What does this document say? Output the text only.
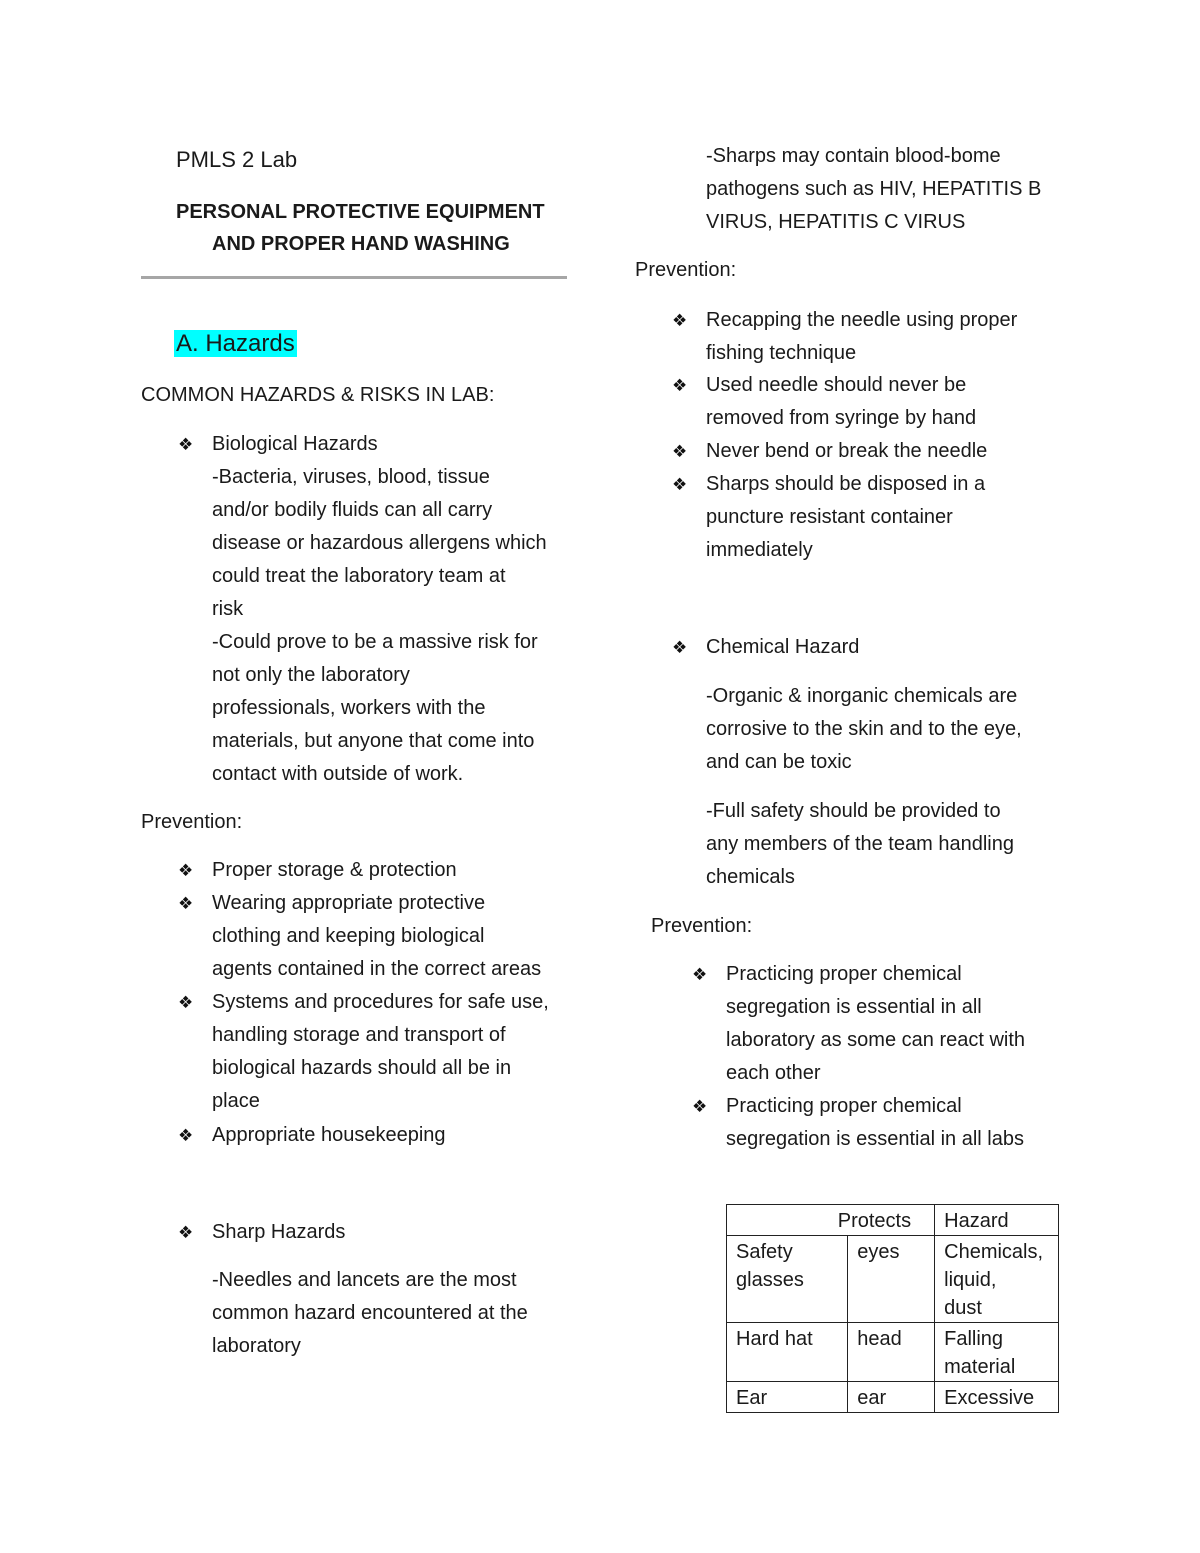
PMLS 2 Lab
PERSONAL PROTECTIVE EQUIPMENT
AND PROPER HAND WASHING
A. Hazards
COMMON HAZARDS & RISKS IN LAB:
❖ Biological Hazards
-Bacteria, viruses, blood, tissue
and/or bodily fluids can all carry
disease or hazardous allergens which
could treat the laboratory team at
risk
-Could prove to be a massive risk for
not only the laboratory
professionals, workers with the
materials, but anyone that come into
contact with outside of work.
Prevention:
❖ Proper storage & protection
❖ Wearing appropriate protective
clothing and keeping biological
agents contained in the correct areas
❖ Systems and procedures for safe use,
handling storage and transport of
biological hazards should all be in
place
❖ Appropriate housekeeping
❖ Sharp Hazards
-Needles and lancets are the most
common hazard encountered at the
laboratory
-Sharps may contain blood-bome
pathogens such as HIV, HEPATITIS B
VIRUS, HEPATITIS C VIRUS
Prevention:
❖ Recapping the needle using proper
fishing technique
❖ Used needle should never be
removed from syringe by hand
❖ Never bend or break the needle
❖ Sharps should be disposed in a
puncture resistant container
immediately
❖ Chemical Hazard
-Organic & inorganic chemicals are
corrosive to the skin and to the eye,
and can be toxic
-Full safety should be provided to
any members of the team handling
chemicals
Prevention:
❖ Practicing proper chemical
segregation is essential in all
laboratory as some can react with
each other
❖ Practicing proper chemical
segregation is essential in all labs
	Protects	Hazard
Safety
glasses	eyes	Chemicals,
liquid,
dust
Hard hat	head	Falling
material
Ear	ear	Excessive
